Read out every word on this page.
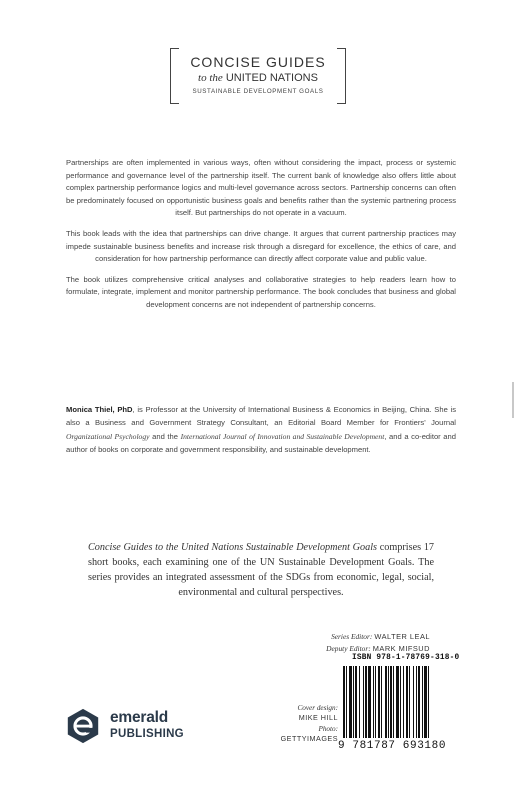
CONCISE GUIDES
to the UNITED NATIONS
SUSTAINABLE DEVELOPMENT GOALS

Partnerships are often implemented in various ways, often without considering the impact, process or systemic performance and governance level of the partnership itself. The current bank of knowledge also offers little about complex partnership performance logics and multi-level governance across sectors. Partnership concerns can often be predominately focused on opportunistic business goals and benefits rather than the systemic partnering process itself. But partnerships do not operate in a vacuum.

This book leads with the idea that partnerships can drive change. It argues that current partnership practices may impede sustainable business benefits and increase risk through a disregard for excellence, the ethics of care, and consideration for how partnership performance can directly affect corporate value and public value.

The book utilizes comprehensive critical analyses and collaborative strategies to help readers learn how to formulate, integrate, implement and monitor partnership performance. The book concludes that business and global development concerns are not independent of partnership concerns.

Monica Thiel, PhD, is Professor at the University of International Business & Economics in Beijing, China. She is also a Business and Government Strategy Consultant, an Editorial Board Member for Frontiers' Journal Organizational Psychology and the International Journal of Innovation and Sustainable Development, and a co-editor and author of books on corporate and government responsibility, and sustainable development.
Concise Guides to the United Nations Sustainable Development Goals comprises 17 short books, each examining one of the UN Sustainable Development Goals. The series provides an integrated assessment of the SDGs from economic, legal, social, environmental and cultural perspectives.
Series Editor: WALTER LEAL
Deputy Editor: MARK MIFSUD
emerald
PUBLISHING
Cover design:
MIKE HILL
Photo:
GETTYIMAGES
ISBN 978-1-78769-318-0
9 781787 693180
